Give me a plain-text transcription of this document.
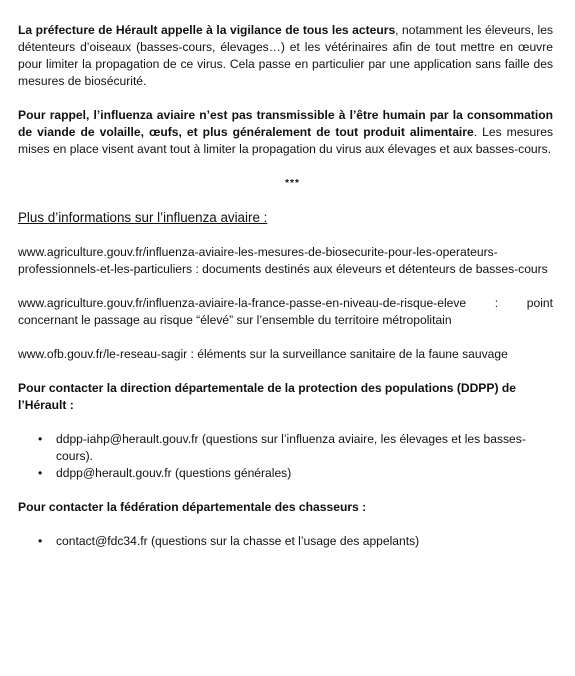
La préfecture de Hérault appelle à la vigilance de tous les acteurs, notamment les éleveurs, les détenteurs d’oiseaux (basses-cours, élevages…) et les vétérinaires afin de tout mettre en œuvre pour limiter la propagation de ce virus. Cela passe en particulier par une application sans faille des mesures de biosécurité.

Pour rappel, l’influenza aviaire n’est pas transmissible à l’être humain par la consommation de viande de volaille, œufs, et plus généralement de tout produit alimentaire. Les mesures mises en place visent avant tout à limiter la propagation du virus aux élevages et aux basses-cours.

***

Plus d’informations sur l’influenza aviaire :

www.agriculture.gouv.fr/influenza-aviaire-les-mesures-de-biosecurite-pour-les-operateurs-professionnels-et-les-particuliers : documents destinés aux éleveurs et détenteurs de basses-cours

www.agriculture.gouv.fr/influenza-aviaire-la-france-passe-en-niveau-de-risque-eleve : point concernant le passage au risque “élevé” sur l’ensemble du territoire métropolitain

www.ofb.gouv.fr/le-reseau-sagir : éléments sur la surveillance sanitaire de la faune sauvage

Pour contacter la direction départementale de la protection des populations (DDPP) de l’Hérault :

• ddpp-iahp@herault.gouv.fr (questions sur l’influenza aviaire, les élevages et les basses-cours).
• ddpp@herault.gouv.fr (questions générales)

Pour contacter la fédération départementale des chasseurs :

• contact@fdc34.fr (questions sur la chasse et l’usage des appelants)
